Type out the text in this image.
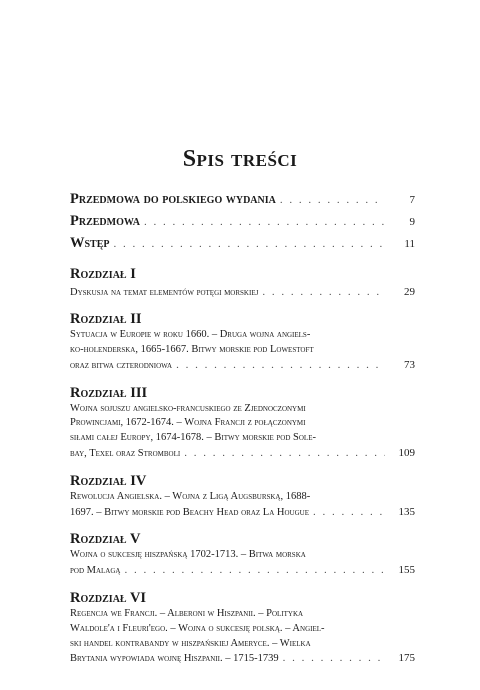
Spis treści
Przedmowa do polskiego wydania . . .	7
Przedmowa . . .	9
Wstęp . . .	11
Rozdział I
Dyskusja na temat elementów potęgi morskiej . . .	29
Rozdział II
Sytuacja w Europie w roku 1660. – Druga wojna angiels-
ko-holenderska, 1665-1667. Bitwy morskie pod Lowestoft
oraz bitwa czterodniowa . . .	73
Rozdział III
Wojna sojuszu angielsko-francuskiego ze Zjednoczonymi
Prowincjami, 1672-1674. – Wojna Francji z połączonymi
siłami całej Europy, 1674-1678. – Bitwy morskie pod Sole-
bay, Texel oraz Stromboli . . .	109
Rozdział IV
Rewolucja Angielska. – Wojna z Ligą Augsburską, 1688-
1697. – Bitwy morskie pod Beachy Head oraz La Hougue . . .	135
Rozdział V
Wojna o sukcesję hiszpańską 1702-1713. – Bitwa morska
pod Malagą . . .	155
Rozdział VI
Regencja we Francji. – Alberoni w Hiszpanii. – Polityka
Waldole'a i Fleuri'ego. – Wojna o sukcesję polską. – Angiel-
ski handel kontrabandy w hiszpańskiej Ameryce. – Wielka
Brytania wypowiada wojnę Hiszpanii. – 1715-1739 . . .	175
